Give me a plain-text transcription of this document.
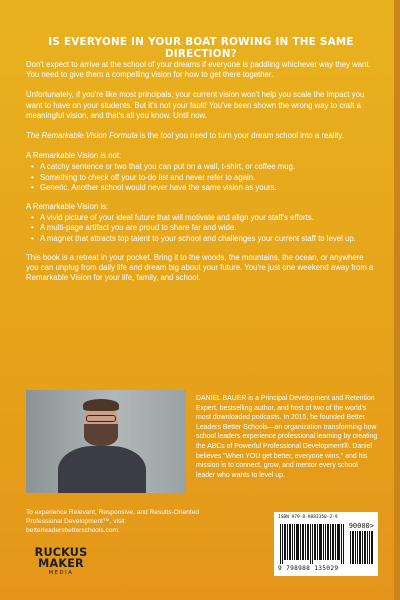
IS EVERYONE IN YOUR BOAT ROWING IN THE SAME DIRECTION?

Don't expect to arrive at the school of your dreams if everyone is paddling whichever way they want. You need to give them a compelling vision for how to get there together.

Unfortunately, if you're like most principals, your current vision won't help you scale the impact you want to have on your students. But it's not your fault! You've been shown the wrong way to craft a meaningful vision, and that's all you know. Until now.

The Remarkable Vision Formula is the tool you need to turn your dream school into a reality.

A Remarkable Vision is not:
• A catchy sentence or two that you can put on a wall, t-shirt, or coffee mug.
• Something to check off your to-do list and never refer to again.
• Generic. Another school would never have the same vision as yours.
A Remarkable Vision is:
• A vivid picture of your ideal future that will motivate and align your staff's efforts.
• A multi-page artifact you are proud to share far and wide.
• A magnet that attracts top talent to your school and challenges your current staff to level up.

This book is a retreat in your pocket. Bring it to the woods, the mountains, the ocean, or anywhere you can unplug from daily life and dream big about your future. You're just one weekend away from a Remarkable Vision for your life, family, and school.

DANIEL BAUER is a Principal Development and Retention Expert, bestselling author, and host of two of the world's most downloaded podcasts. In 2015, he founded Better Leaders Better Schools—an organization transforming how school leaders experience professional learning by creating the ABCs of Powerful Professional Development®. Daniel believes "When YOU get better, everyone wins," and his mission is to connect, grow, and mentor every school leader who wants to level up.
To experience Relevant, Responsive, and Results-Oriented Professional Development™, visit betterleadersbetterschools.com.
RUCKUS MAKER
MEDIA
ISBN 979-8-9883350-2-9
90000>
9 798988 135029
